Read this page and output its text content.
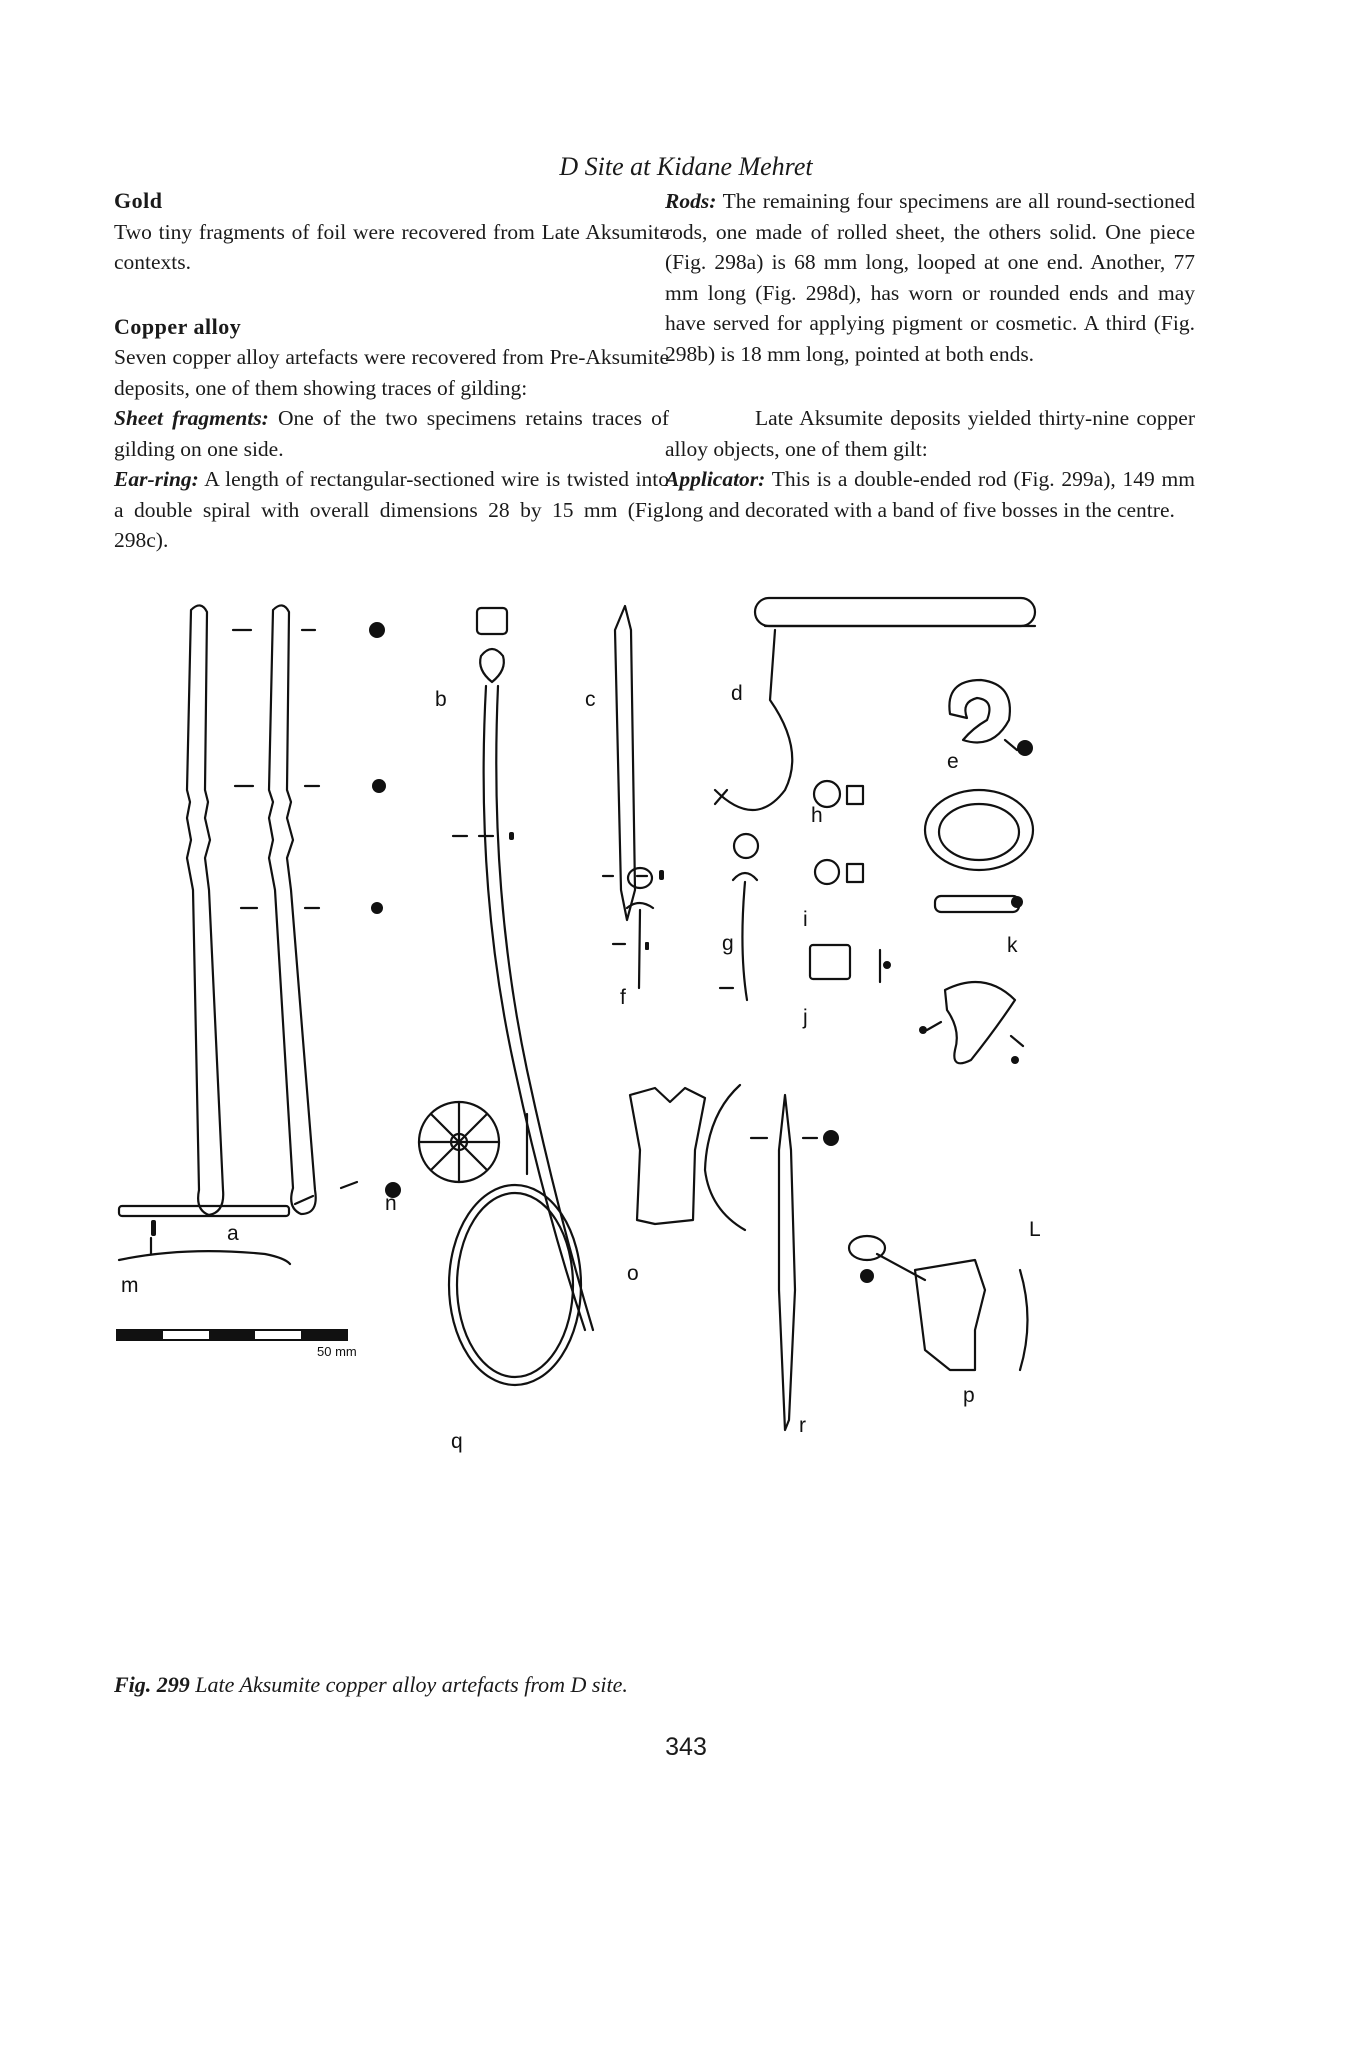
D Site at Kidane Mehret

Gold

Two tiny fragments of foil were recovered from Late Aksumite contexts.

Copper alloy

Seven copper alloy artefacts were recovered from Pre-Aksumite deposits, one of them showing traces of gilding:

Sheet fragments: One of the two specimens retains traces of gilding on one side.

Ear-ring: A length of rectangular-sectioned wire is twisted into a double spiral with overall dimensions 28 by 15 mm (Fig. 298c).

Rods: The remaining four specimens are all round-sectioned rods, one made of rolled sheet, the others solid. One piece (Fig. 298a) is 68 mm long, looped at one end. Another, 77 mm long (Fig. 298d), has worn or rounded ends and may have served for applying pigment or cosmetic. A third (Fig. 298b) is 18 mm long, pointed at both ends.

Late Aksumite deposits yielded thirty-nine copper alloy objects, one of them gilt:

Applicator: This is a double-ended rod (Fig. 299a), 149 mm long and decorated with a band of five bosses in the centre.

50 mm
a
b	c	d
e
f
g
h
i
j
k
L
m
n
o
p
q
r
Fig. 299 Late Aksumite copper alloy artefacts from D site.
343
